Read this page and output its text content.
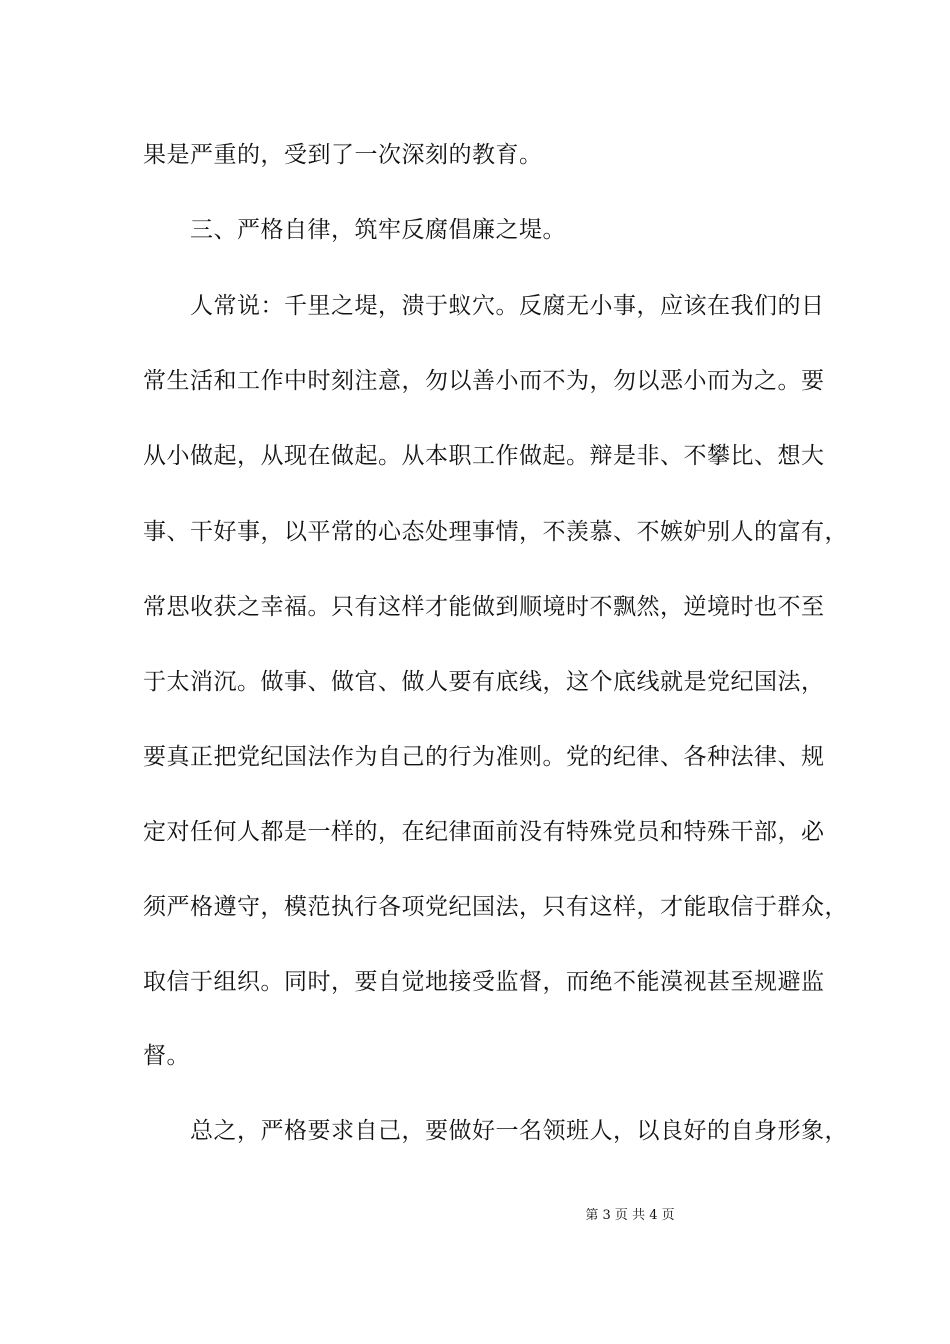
果是严重的，受到了一次深刻的教育。
三、严格自律，筑牢反腐倡廉之堤。
人常说：千里之堤，溃于蚁穴。反腐无小事，应该在我们的日
常生活和工作中时刻注意，勿以善小而不为，勿以恶小而为之。要
从小做起，从现在做起。从本职工作做起。辩是非、不攀比、想大
事、干好事，以平常的心态处理事情，不羡慕、不嫉妒别人的富有，
常思收获之幸福。只有这样才能做到顺境时不飘然，逆境时也不至
于太消沉。做事、做官、做人要有底线，这个底线就是党纪国法，
要真正把党纪国法作为自己的行为准则。党的纪律、各种法律、规
定对任何人都是一样的，在纪律面前没有特殊党员和特殊干部，必
须严格遵守，模范执行各项党纪国法，只有这样，才能取信于群众，
取信于组织。同时，要自觉地接受监督，而绝不能漠视甚至规避监
督。
总之，严格要求自己，要做好一名领班人，以良好的自身形象，
第 3 页 共 4 页
